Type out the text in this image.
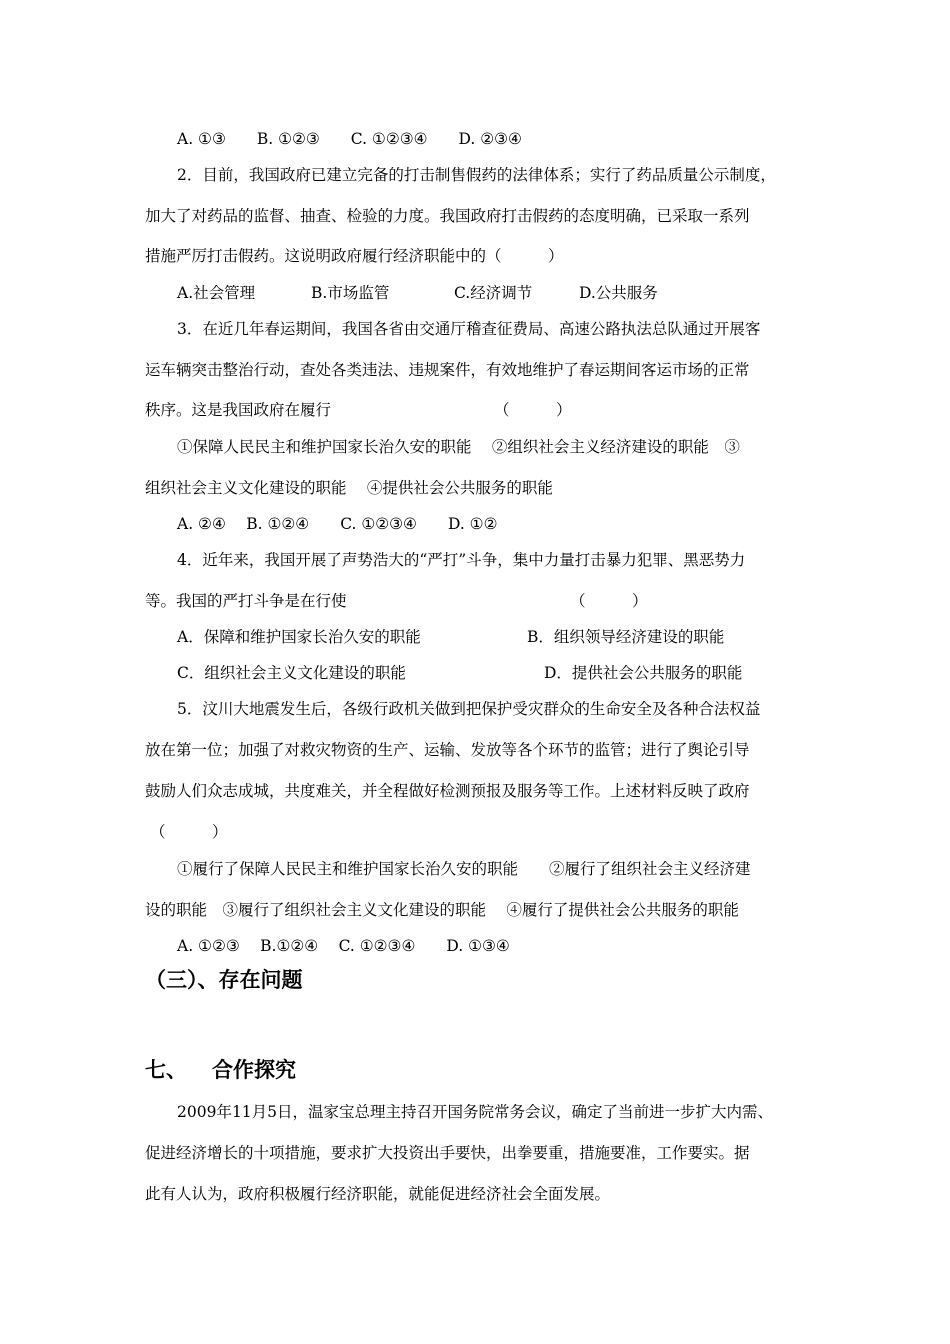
A. ①③　　B. ①②③　　C. ①②③④　　D. ②③④
2．目前，我国政府已建立完备的打击制售假药的法律体系；实行了药品质量公示制度，
加大了对药品的监督、抽查、检验的力度。我国政府打击假药的态度明确，已采取一系列
措施严厉打击假药。这说明政府履行经济职能中的（　　　）
A.社会管理	B.市场监管	C.经济调节	D.公共服务
3．在近几年春运期间，我国各省由交通厅稽查征费局、高速公路执法总队通过开展客
运车辆突击整治行动，查处各类违法、违规案件，有效地维护了春运期间客运市场的正常
秩序。这是我国政府在履行	（　　　）
①保障人民民主和维护国家长治久安的职能　 ②组织社会主义经济建设的职能　③
组织社会主义文化建设的职能　 ④提供社会公共服务的职能
A. ②④　 B. ①②④　　C. ①②③④　　D. ①②
4．近年来，我国开展了声势浩大的“严打”斗争，集中力量打击暴力犯罪、黑恶势力
等。我国的严打斗争是在行使	（　　　）
A．保障和维护国家长治久安的职能	B．组织领导经济建设的职能
C．组织社会主义文化建设的职能	D．提供社会公共服务的职能
5．汶川大地震发生后，各级行政机关做到把保护受灾群众的生命安全及各种合法权益
放在第一位；加强了对救灾物资的生产、运输、发放等各个环节的监管；进行了舆论引导
鼓励人们众志成城，共度难关，并全程做好检测预报及服务等工作。上述材料反映了政府
（　　　）
①履行了保障人民民主和维护国家长治久安的职能　　②履行了组织社会主义经济建
设的职能　③履行了组织社会主义文化建设的职能　 ④履行了提供社会公共服务的职能
A. ①②③　 B.①②④　 C. ①②③④　　D. ①③④
（三）、存在问题
七、 合作探究
2009年11月5日，温家宝总理主持召开国务院常务会议，确定了当前进一步扩大内需、
促进经济增长的十项措施，要求扩大投资出手要快，出拳要重，措施要准，工作要实。据
此有人认为，政府积极履行经济职能，就能促进经济社会全面发展。
